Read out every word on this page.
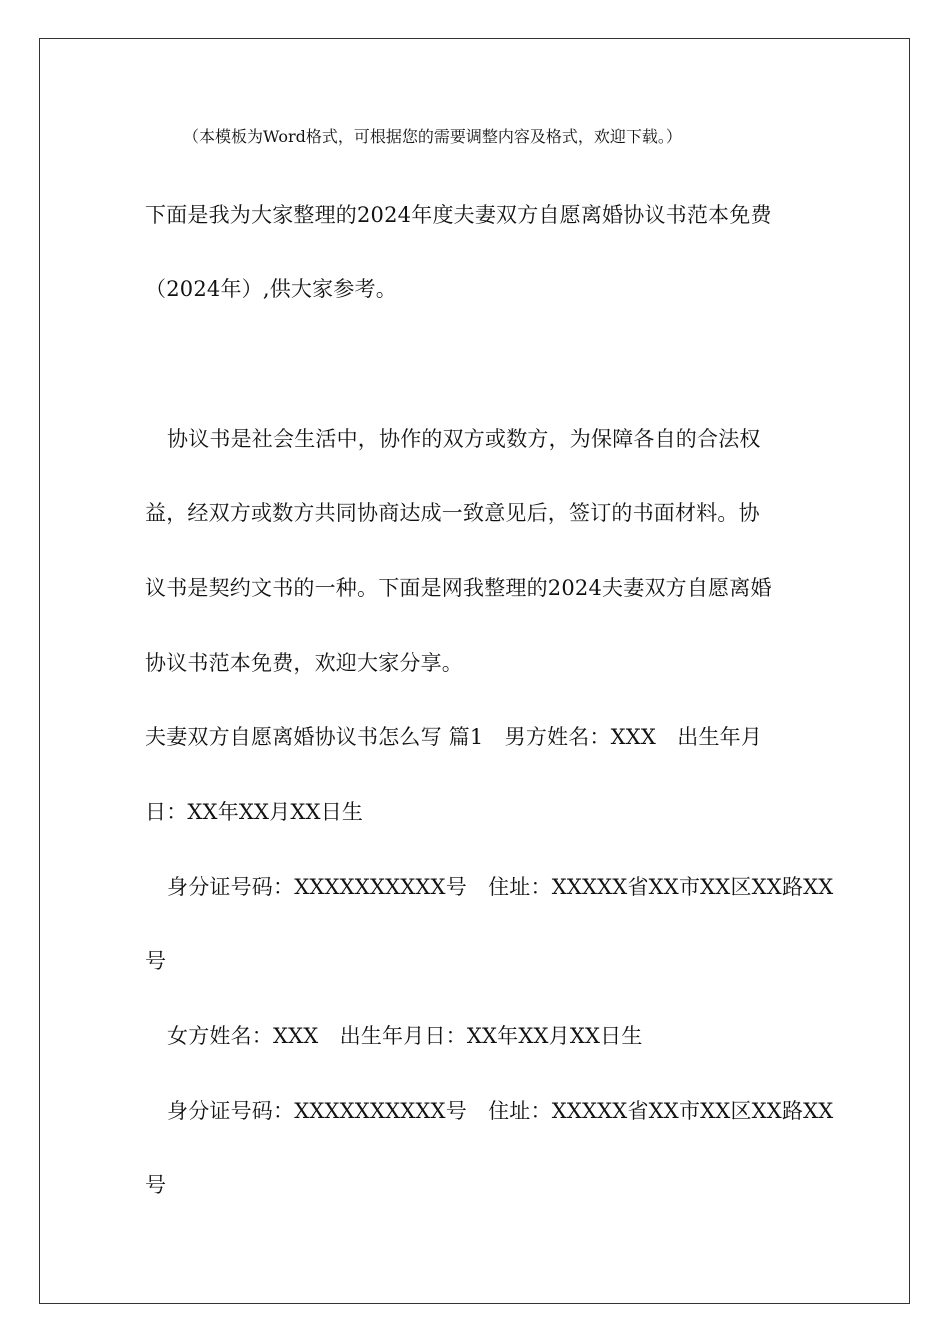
（本模板为Word格式，可根据您的需要调整内容及格式，欢迎下载。）
下面是我为大家整理的2024年度夫妻双方自愿离婚协议书范本免费
（2024年）,供大家参考。
协议书是社会生活中，协作的双方或数方，为保障各自的合法权
益，经双方或数方共同协商达成一致意见后，签订的书面材料。协
议书是契约文书的一种。下面是网我整理的2024夫妻双方自愿离婚
协议书范本免费，欢迎大家分享。
夫妻双方自愿离婚协议书怎么写 篇1　男方姓名：XXX　出生年月
日：XX年XX月XX日生
身分证号码：XXXXXXXXXX号　住址：XXXXX省XX市XX区XX路XX
号
女方姓名：XXX　出生年月日：XX年XX月XX日生
身分证号码：XXXXXXXXXX号　住址：XXXXX省XX市XX区XX路XX
号
